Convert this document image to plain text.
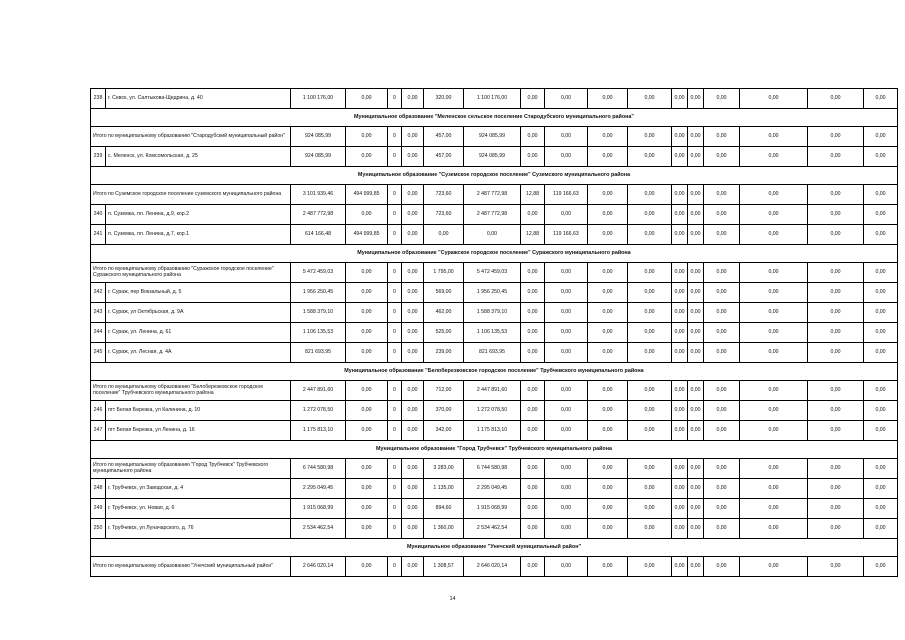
238	г. Севск, ул. Салтыкова-Щедрина, д. 40	1 100 176,00	0,00	0	0,00	320,00	1 100 176,00	0,00	0,00	0,00	0,00	0,00	0,00	0,00	0,00	0,00	0,00
Муниципальное образование "Меленское сельское поселение Стародубского муниципального района"																	
Итого по муниципальному образованию "Стародубский муниципальный район"		924 085,99	0,00	0	0,00	457,00	924 085,99	0,00	0,00	0,00	0,00	0,00	0,00	0,00	0,00	0,00	0,00
239	с. Меленск, ул. Комсомольская, д. 25	924 085,99	0,00	0	0,00	457,00	924 085,99	0,00	0,00	0,00	0,00	0,00	0,00	0,00	0,00	0,00	0,00
Муниципальное образование "Суземское городское поселение" Суземского муниципального района																	
Итого по Суземское городское поселение суземского муниципального района		3 101 939,46	494 999,85	0	0,00	723,60	2 487 772,98	12,88	119 166,63	0,00	0,00	0,00	0,00	0,00	0,00	0,00	0,00
240	п. Суземка, пл. Ленина, д.9, кор.2	2 487 772,98	0,00	0	0,00	723,60	2 487 772,98	0,00	0,00	0,00	0,00	0,00	0,00	0,00	0,00	0,00	0,00
241	п. Суземка, пл. Ленина, д.7, кор.1	614 166,48	494 999,85	0	0,00	0,00	0,00	12,88	119 166,63	0,00	0,00	0,00	0,00	0,00	0,00	0,00	0,00
Муниципальное образование "Суражское городское поселение" Суражского муниципального района																	
Итого по муниципальному образованию "Суражское городское поселение" Суражского муниципального района		5 472 459,03	0,00	0	0,00	1 795,00	5 472 459,03	0,00	0,00	0,00	0,00	0,00	0,00	0,00	0,00	0,00	0,00
242	г. Сураж, пер Вокзальный, д. 5	1 956 250,45	0,00	0	0,00	569,00	1 956 250,45	0,00	0,00	0,00	0,00	0,00	0,00	0,00	0,00	0,00	0,00
243	г. Сураж, ул Октябрьская, д. 9А	1 588 379,10	0,00	0	0,00	462,00	1 588 379,10	0,00	0,00	0,00	0,00	0,00	0,00	0,00	0,00	0,00	0,00
244	г. Сураж, ул. Ленина, д. 61	1 106 135,53	0,00	0	0,00	525,00	1 106 135,53	0,00	0,00	0,00	0,00	0,00	0,00	0,00	0,00	0,00	0,00
245	г. Сураж, ул. Лесная, д. 4А	821 693,95	0,00	0	0,00	239,00	821 693,95	0,00	0,00	0,00	0,00	0,00	0,00	0,00	0,00	0,00	0,00
Муниципальное образование "Белоберезковское городское поселение" Трубчевского муниципального района																	
Итого по муниципальному образованию "Белоберезковское городское поселение" Трубчевского муниципального района		2 447 891,60	0,00	0	0,00	712,00	2 447 891,60	0,00	0,00	0,00	0,00	0,00	0,00	0,00	0,00	0,00	0,00
246	пгт Белая Березка, ул Калинина, д. 10	1 272 078,50	0,00	0	0,00	370,00	1 272 078,50	0,00	0,00	0,00	0,00	0,00	0,00	0,00	0,00	0,00	0,00
247	пгт Белая Березка, ул Ленина, д. 16	1 175 813,10	0,00	0	0,00	342,00	1 175 813,10	0,00	0,00	0,00	0,00	0,00	0,00	0,00	0,00	0,00	0,00
Муниципальное образование "Город Трубчевск" Трубчевского муниципального района																	
Итого по муниципальному образованию "Город Трубчевск" Трубчевского муниципального района		6 744 580,98	0,00	0	0,00	3 283,00	6 744 580,98	0,00	0,00	0,00	0,00	0,00	0,00	0,00	0,00	0,00	0,00
248	г. Трубчевск, ул Заводская, д. 4	2 295 049,45	0,00	0	0,00	1 135,00	2 295 049,45	0,00	0,00	0,00	0,00	0,00	0,00	0,00	0,00	0,00	0,00
249	г. Трубчевск, ул. Новая, д. 6	1 915 068,99	0,00	0	0,00	894,60	1 915 068,99	0,00	0,00	0,00	0,00	0,00	0,00	0,00	0,00	0,00	0,00
250	г. Трубчевск, ул Луначарского, д. 76	2 534 462,54	0,00	0	0,00	1 360,00	2 534 462,54	0,00	0,00	0,00	0,00	0,00	0,00	0,00	0,00	0,00	0,00
Муниципальное образование "Унечский муниципальный район"																	
Итого по муниципальному образованию "Унечский муниципальный район"		2 646 020,14	0,00	0	0,00	1 308,57	2 646 020,14	0,00	0,00	0,00	0,00	0,00	0,00	0,00	0,00	0,00	0,00
14
